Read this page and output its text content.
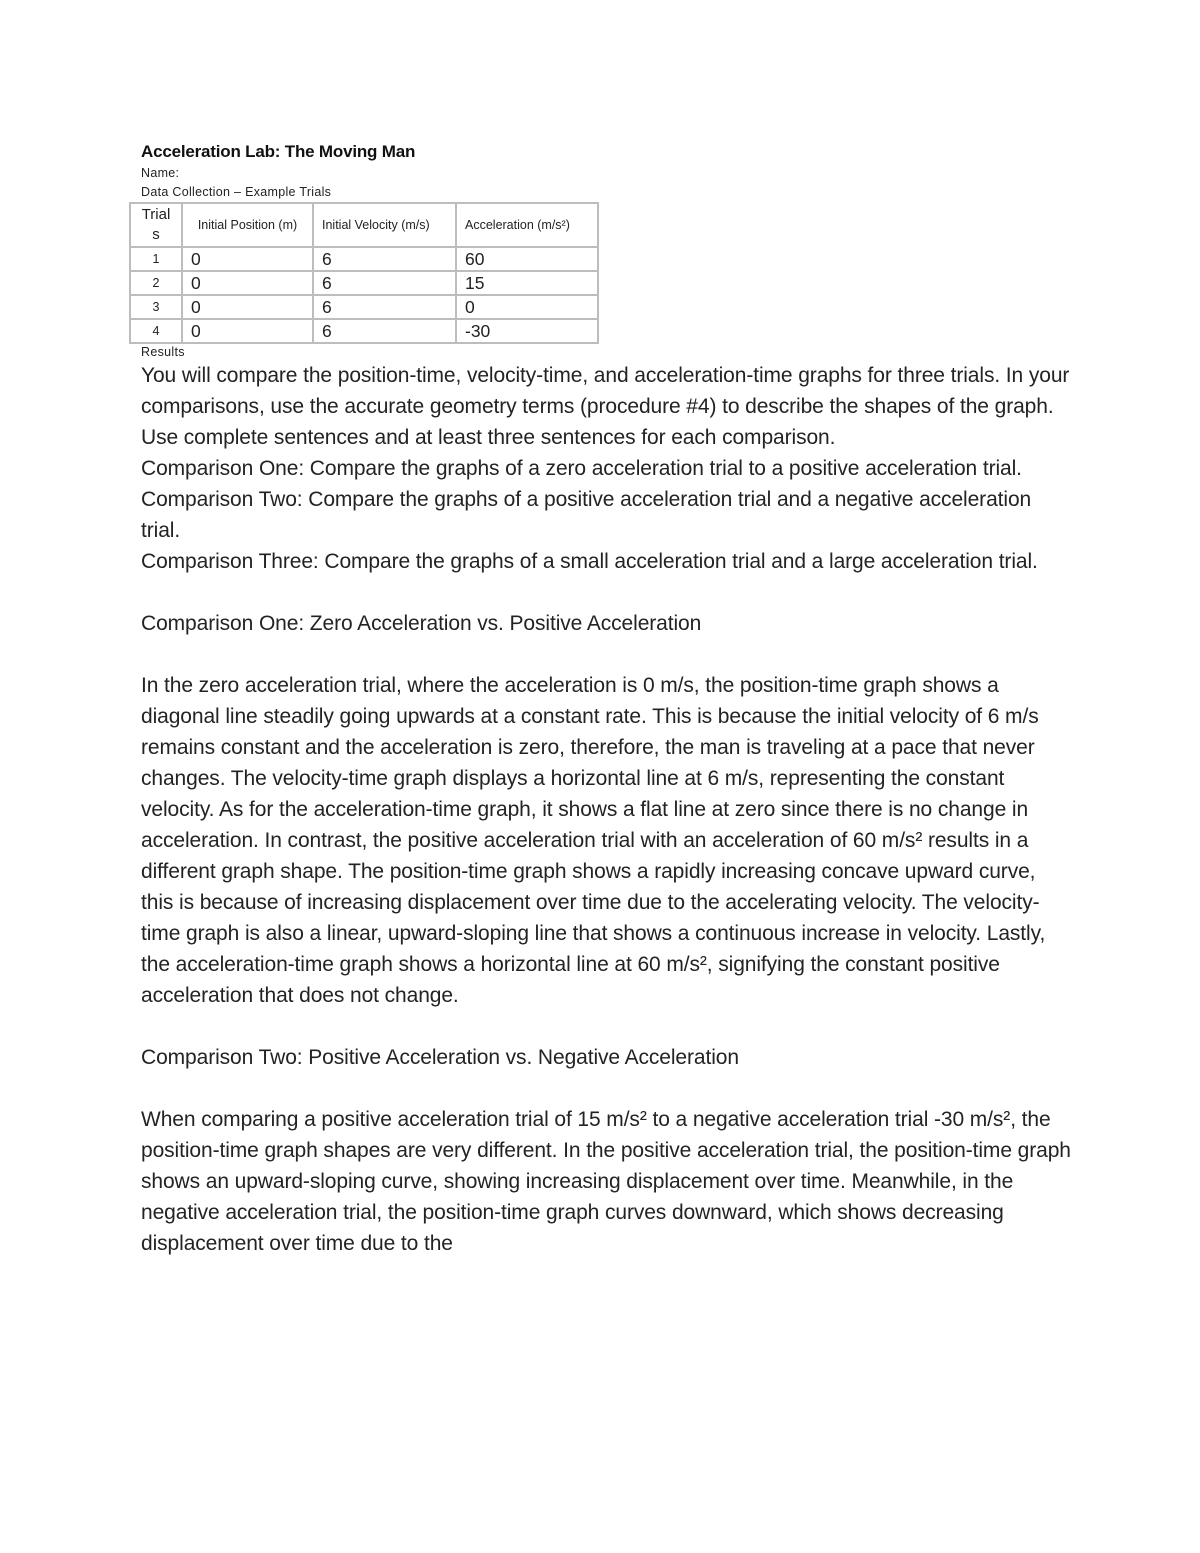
Acceleration Lab: The Moving Man

Name:

Data Collection – Example Trials

Trial s	Initial Position (m)	Initial Velocity (m/s)	Acceleration (m/s²)
1	0	6	60
2	0	6	15
3	0	6	0
4	0	6	-30

Results

You will compare the position-time, velocity-time, and acceleration-time graphs for three trials. In your comparisons, use the accurate geometry terms (procedure #4) to describe the shapes of the graph. Use complete sentences and at least three sentences for each comparison.

Comparison One: Compare the graphs of a zero acceleration trial to a positive acceleration trial.

Comparison Two: Compare the graphs of a positive acceleration trial and a negative acceleration trial.

Comparison Three: Compare the graphs of a small acceleration trial and a large acceleration trial.

Comparison One: Zero Acceleration vs. Positive Acceleration

In the zero acceleration trial, where the acceleration is 0 m/s, the position-time graph shows a diagonal line steadily going upwards at a constant rate. This is because the initial velocity of 6 m/s remains constant and the acceleration is zero, therefore, the man is traveling at a pace that never changes. The velocity-time graph displays a horizontal line at 6 m/s, representing the constant velocity. As for the acceleration-time graph, it shows a flat line at zero since there is no change in acceleration. In contrast, the positive acceleration trial with an acceleration of 60 m/s² results in a different graph shape. The position-time graph shows a rapidly increasing concave upward curve, this is because of increasing displacement over time due to the accelerating velocity. The velocity-time graph is also a linear, upward-sloping line that shows a continuous increase in velocity. Lastly, the acceleration-time graph shows a horizontal line at 60 m/s², signifying the constant positive acceleration that does not change.

Comparison Two: Positive Acceleration vs. Negative Acceleration

When comparing a positive acceleration trial of 15 m/s² to a negative acceleration trial -30 m/s², the position-time graph shapes are very different. In the positive acceleration trial, the position-time graph shows an upward-sloping curve, showing increasing displacement over time. Meanwhile, in the negative acceleration trial, the position-time graph curves downward, which shows decreasing displacement over time due to the
